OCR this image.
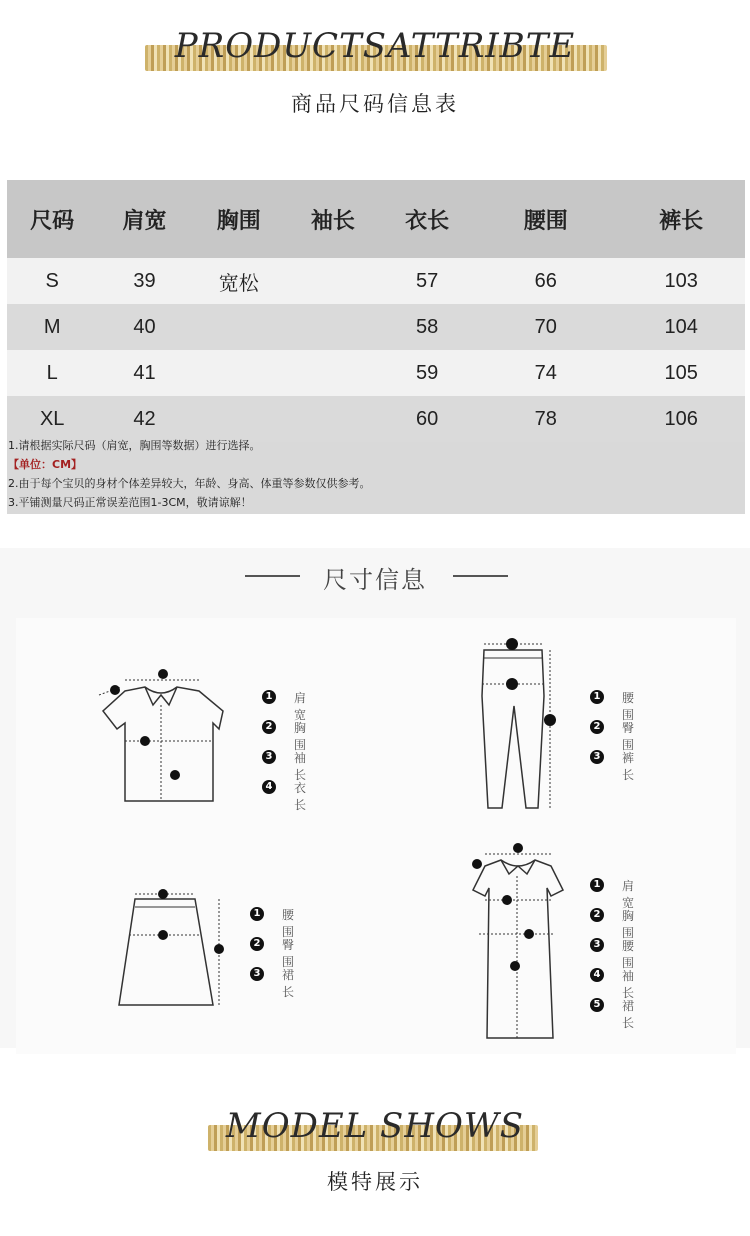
PRODUCTSATTRIBTE
商品尺码信息表
尺码	肩宽	胸围	袖长	衣长	腰围	裤长
S	39	宽松		57	66	103
M	40			58	70	104
L	41			59	74	105
XL	42			60	78	106
1.请根据实际尺码（肩宽，胸围等数据）进行选择。
【单位：CM】
2.由于每个宝贝的身材个体差异较大，年龄、身高、体重等参数仅供参考。
3.平铺测量尺码正常误差范围1-3CM，敬请谅解！
尺寸信息
1 肩宽
2 胸围
3 袖长
4 衣长
1 腰围
2 臀围
3 裤长
1 腰围
2 臀围
3 裙长
1 肩宽
2 胸围
3 腰围
4 袖长
5 裙长
MODEL SHOWS
模特展示
